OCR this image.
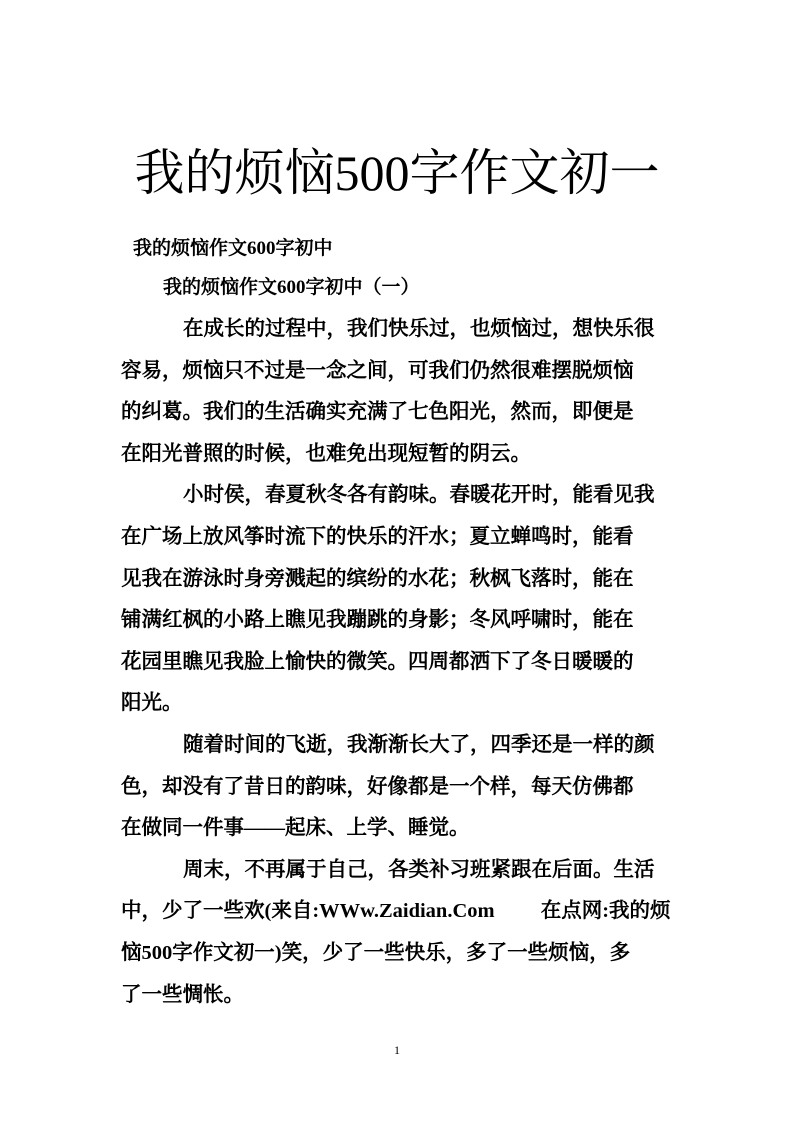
我的烦恼500字作文初一
我的烦恼作文600字初中
我的烦恼作文600字初中（一）
在成长的过程中，我们快乐过，也烦恼过，想快乐很
容易，烦恼只不过是一念之间，可我们仍然很难摆脱烦恼
的纠葛。我们的生活确实充满了七色阳光，然而，即便是
在阳光普照的时候，也难免出现短暂的阴云。
小时侯，春夏秋冬各有韵味。春暖花开时，能看见我
在广场上放风筝时流下的快乐的汗水；夏立蝉鸣时，能看
见我在游泳时身旁溅起的缤纷的水花；秋枫飞落时，能在
铺满红枫的小路上瞧见我蹦跳的身影；冬风呼啸时，能在
花园里瞧见我脸上愉快的微笑。四周都洒下了冬日暖暖的
阳光。
随着时间的飞逝，我渐渐长大了，四季还是一样的颜
色，却没有了昔日的韵味，好像都是一个样，每天仿佛都
在做同一件事——起床、上学、睡觉。
周末，不再属于自己，各类补习班紧跟在后面。生活
中，少了一些欢(来自:WWw.Zaidian.Com　　 在点网:我的烦
恼500字作文初一)笑，少了一些快乐，多了一些烦恼，多
了一些惆怅。
1
